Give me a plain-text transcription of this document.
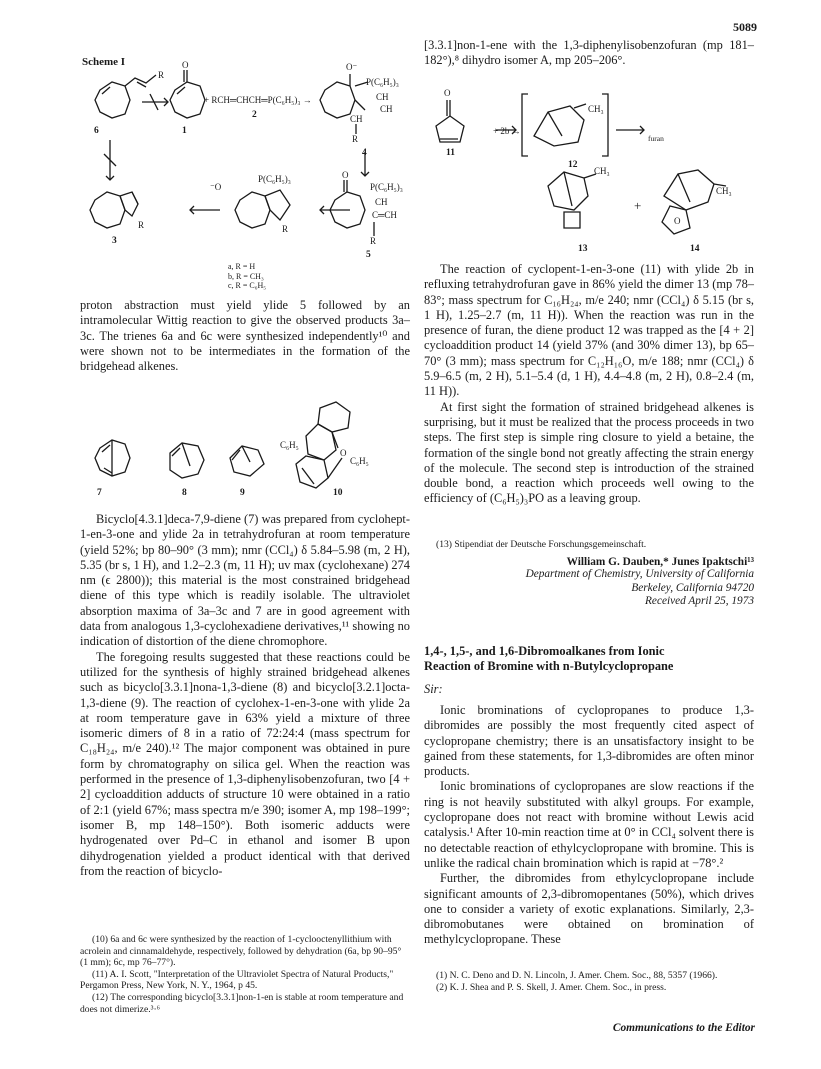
5089
Scheme I
R
O	O⁻
P(C₆H₅)₃
CH
CH
CH
R
R
⁻O
P(C₆H₅)₃
R
O
P(C₆H₅)₃
CH
C═CH
R
6	1
+ RCH═CHCH═P(C₆H₅)₃ →
2
4
3
5
a, R = H
b, R = CH₃
c, R = C₆H₅

proton abstraction must yield ylide 5 followed by an intramolecular Wittig reaction to give the observed products 3a–3c. The trienes 6a and 6c were synthesized independently¹⁰ and were shown not to be intermediates in the formation of the bridgehead alkenes.

O
C₆H₅
C₆H₅
7	8	9	10

Bicyclo[4.3.1]deca-7,9-diene (7) was prepared from cyclohept-1-en-3-one and ylide 2a in tetrahydrofuran at room temperature (yield 52%; bp 80–90° (3 mm); nmr (CCl₄) δ 5.84–5.98 (m, 2 H), 5.35 (br s, 1 H), and 1.2–2.3 (m, 11 H); uv max (cyclohexane) 274 nm (ϵ 2800)); this material is the most constrained bridgehead diene of this type which is readily isolable. The ultraviolet absorption maxima of 3a–3c and 7 are in good agreement with data from analogous 1,3-cyclohexadiene derivatives,¹¹ showing no indication of distortion of the diene chromophore.

The foregoing results suggested that these reactions could be utilized for the synthesis of highly strained bridgehead alkenes such as bicyclo[3.3.1]nona-1,3-diene (8) and bicyclo[3.2.1]octa-1,3-diene (9). The reaction of cyclohex-1-en-3-one with ylide 2a at room temperature gave in 63% yield a mixture of three isomeric dimers of 8 in a ratio of 72:24:4 (mass spectrum for C₁₈H₂₄, m/e 240).¹² The major component was obtained in pure form by chromatography on silica gel. When the reaction was performed in the presence of 1,3-diphenylisobenzofuran, two [4 + 2] cycloaddition adducts of structure 10 were obtained in a ratio of 2:1 (yield 67%; mass spectra m/e 390; isomer A, mp 198–199°; isomer B, mp 148–150°). Both isomeric adducts were hydrogenated over Pd–C in ethanol and isomer B upon dihydrogenation yielded a product identical with that derived from the reaction of bicyclo-

(10) 6a and 6c were synthesized by the reaction of 1-cyclooctenyllithium with acrolein and cinnamaldehyde, respectively, followed by dehydration (6a, bp 90–95° (1 mm); 6c, mp 76–77°).

(11) A. I. Scott, "Interpretation of the Ultraviolet Spectra of Natural Products," Pergamon Press, New York, N. Y., 1964, p 45.

(12) The corresponding bicyclo[3.3.1]non-1-en is stable at room temperature and does not dimerize.³·⁶

[3.3.1]non-1-ene with the 1,3-diphenylisobenzofuran (mp 181–182°),⁸ dihydro isomer A, mp 205–206°.

O
CH₃
+
O
CH₃
+ 2b →
CH₃
furan
11
12
13	14

The reaction of cyclopent-1-en-3-one (11) with ylide 2b in refluxing tetrahydrofuran gave in 86% yield the dimer 13 (mp 78–83°; mass spectrum for C₁₆H₂₄, m/e 240; nmr (CCl₄) δ 5.15 (br s, 1 H), 1.25–2.7 (m, 11 H)). When the reaction was run in the presence of furan, the diene product 12 was trapped as the [4 + 2] cycloaddition product 14 (yield 37% (and 30% dimer 13), bp 65–70° (3 mm); mass spectrum for C₁₂H₁₆O, m/e 188; nmr (CCl₄) δ 5.9–6.5 (m, 2 H), 5.1–5.4 (d, 1 H), 4.4–4.8 (m, 2 H), 0.8–2.4 (m, 11 H)).

At first sight the formation of strained bridgehead alkenes is surprising, but it must be realized that the process proceeds in two steps. The first step is simple ring closure to yield a betaine, the formation of the single bond not greatly affecting the strain energy of the molecule. The second step is introduction of the strained double bond, a reaction which proceeds well owing to the efficiency of (C₆H₅)₃PO as a leaving group.

(13) Stipendiat der Deutsche Forschungsgemeinschaft.

William G. Dauben,* Junes Ipaktschi¹³
Department of Chemistry, University of California
Berkeley, California 94720
Received April 25, 1973
1,4-, 1,5-, and 1,6-Dibromoalkanes from Ionic
Reaction of Bromine with n-Butylcyclopropane
Sir:

Ionic brominations of cyclopropanes to produce 1,3-dibromides are possibly the most frequently cited aspect of cyclopropane chemistry; there is an unsatisfactory insight to be gained from these statements, for 1,3-dibromides are often minor products.

Ionic brominations of cyclopropanes are slow reactions if the ring is not heavily substituted with alkyl groups. For example, cyclopropane does not react with bromine without Lewis acid catalysis.¹ After 10-min reaction time at 0° in CCl₄ solvent there is no detectable reaction of ethylcyclopropane with bromine. This is unlike the radical chain bromination which is rapid at −78°.²

Further, the dibromides from ethylcyclopropane include significant amounts of 2,3-dibromopentanes (50%), which drives one to consider a variety of exotic explanations. Similarly, 2,3-dibromobutanes were obtained on bromination of methylcyclopropane. These

(1) N. C. Deno and D. N. Lincoln, J. Amer. Chem. Soc., 88, 5357 (1966).

(2) K. J. Shea and P. S. Skell, J. Amer. Chem. Soc., in press.

Communications to the Editor
